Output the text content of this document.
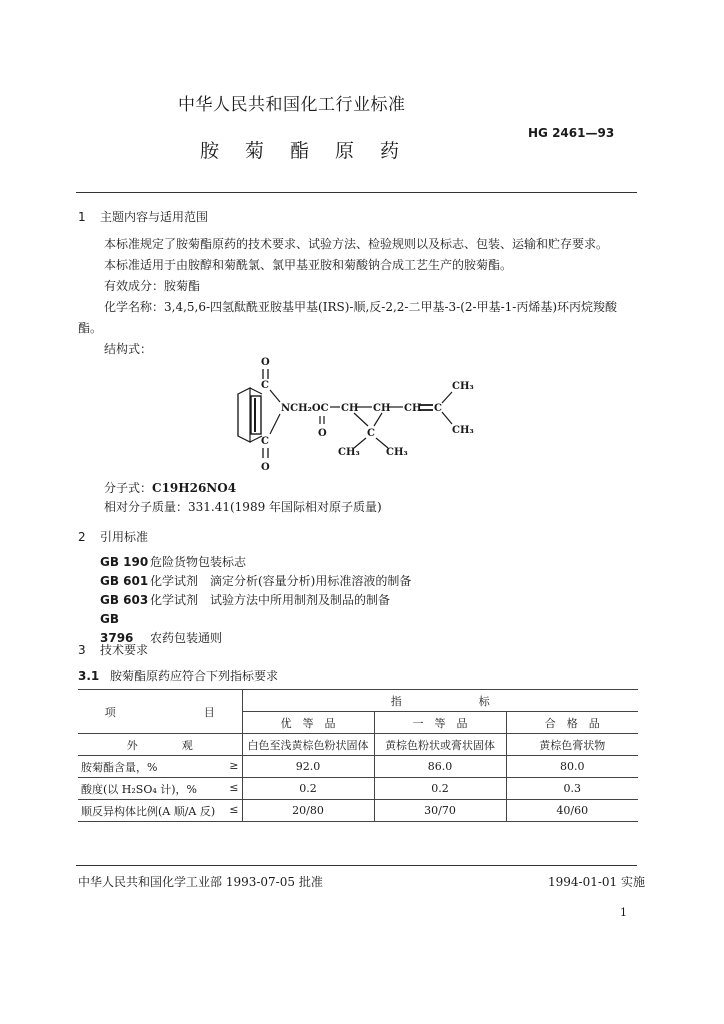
中华人民共和国化工行业标准
胺菊酯原药
HG 2461—93
1 主题内容与适用范围
本标准规定了胺菊酯原药的技术要求、试验方法、检验规则以及标志、包装、运输和贮存要求。
本标准适用于由胺醇和菊酰氯、氯甲基亚胺和菊酸钠合成工艺生产的胺菊酯。
有效成分：胺菊酯
化学名称：3,4,5,6-四氢酞酰亚胺基甲基(IRS)-顺,反-2,2-二甲基-3-(2-甲基-1-丙烯基)环丙烷羧酸酯。
结构式：
O
C
NCH₂OC CH CH CH C
CH₃
CH₃
O	C
CH₃	CH₃
C
O
分子式：C19H26NO4
相对分子质量：331.41(1989 年国际相对原子质量)
2 引用标准
GB 190 危险货物包装标志
GB 601 化学试剂　滴定分析(容量分析)用标准溶液的制备
GB 603 化学试剂　试验方法中所用制剂及制品的制备
GB 3796 农药包装通则
3 技术要求
3.1 胺菊酯原药应符合下列指标要求
项　　　　　　　　目	指　　　　　　　标		
	优　等　品	一　等　品	合　格　品
外　　　　观	白色至浅黄棕色粉状固体	黄棕色粉状或膏状固体	黄棕色膏状物
胺菊酯含量，% ≥	92.0	86.0	80.0
酸度(以 H₂SO₄ 计)，% ≤	0.2	0.2	0.3
顺反异构体比例(A 顺/A 反) ≤	20/80	30/70	40/60
中华人民共和国化学工业部 1993-07-05 批准	1994-01-01 实施
1
